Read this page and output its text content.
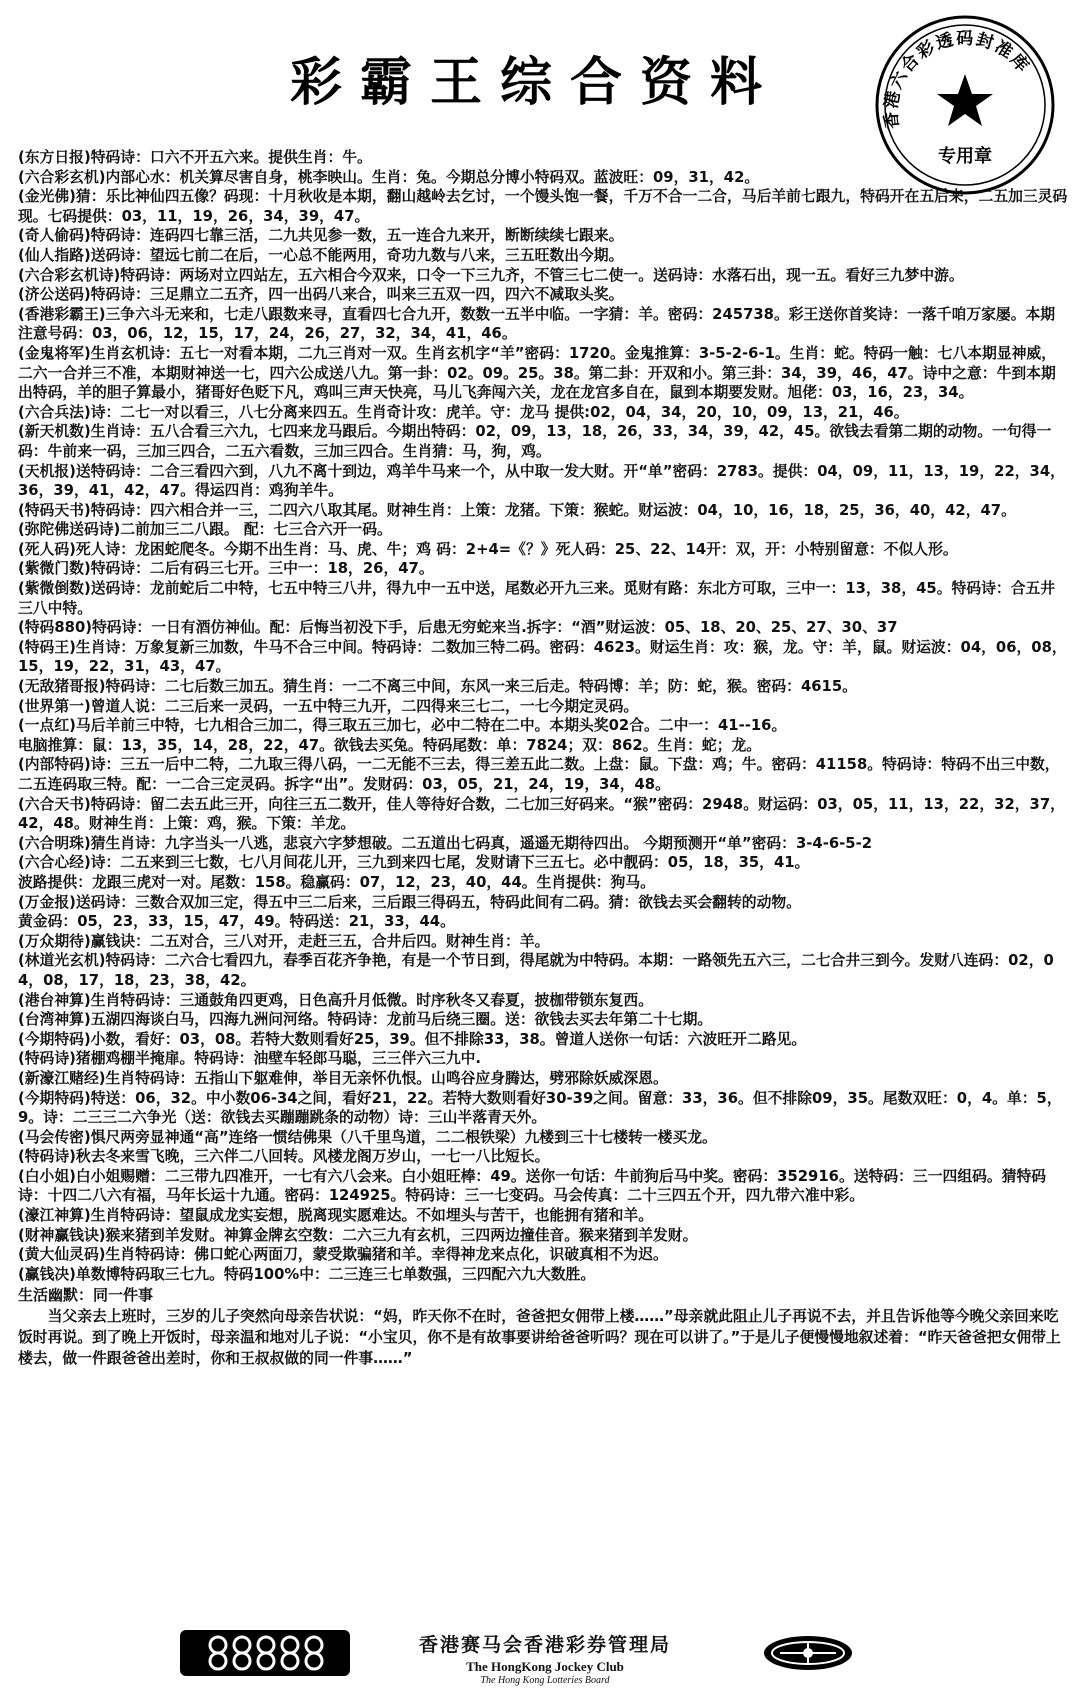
彩霸王综合资料
香港六合彩透码封准库
专用章

(东方日报)特码诗：口六不开五六来。提供生肖：牛。

(六合彩玄机)内部心水：机关算尽害自身，桃李映山。生肖：兔。今期总分博小特码双。蓝波旺：09，31，42。

(金光佛)猜：乐比神仙四五像？码现：十月秋收是本期，翻山越岭去乞讨，一个馒头饱一餐，千万不合一二合，马后羊前七跟九，特码开在五后来，二五加三灵码现。七码提供：03，11，19，26，34，39，47。

(奇人偷码)特码诗：连码四七靠三活，二九共见参一数，五一连合九来开，断断续续七跟来。

(仙人指路)送码诗：望远七前二在后，一心总不能两用，奇功九数与八来，三五旺数出今期。

(六合彩玄机诗)特码诗：两场对立四站左，五六相合今双来，口令一下三九齐，不管三七二使一。送码诗：水落石出，现一五。看好三九梦中游。

(济公送码)特码诗：三足鼎立二五齐，四一出码八来合，叫来三五双一四，四六不减取头奖。

(香港彩霸王)三争六斗无来和，七走八跟数来寻，直看四七合九开，数数一五半中临。一字猜：羊。密码：245738。彩王送你首奖诗：一落千咱万家屡。本期注意号码：03，06，12，15，17，24，26，27，32，34，41，46。

(金鬼将军)生肖玄机诗：五七一对看本期，二九三肖对一双。生肖玄机字“羊”密码：1720。金鬼推算：3-5-2-6-1。生肖：蛇。特码一触：七八本期显神威，二六一合并三不准，本期财神送一七，四六公成送八九。第一卦：02。09。25。38。第二卦：开双和小。第三卦：34，39，46，47。诗中之意：牛到本期出特码，羊的胆子算最小，猪哥好色贬下凡，鸡叫三声天快亮，马儿飞奔闯六关，龙在龙宫多自在，鼠到本期要发财。旭佬：03，16，23，34。

(六合兵法)诗：二七一对以看三，八七分离来四五。生肖奇计攻：虎羊。守：龙马 提供:02，04，34，20，10，09，13，21，46。

(新天机数)生肖诗：五八合看三六九，七四来龙马跟后。今期出特码：02，09，13，18，26，33，34，39，42，45。欲钱去看第二期的动物。一句得一码：牛前来一码，三加三四合，二五六看数，三加三四合。生肖猜：马，狗，鸡。

(天机报)送特码诗：二合三看四六到，八九不离十到边，鸡羊牛马来一个，从中取一发大财。开“单”密码：2783。提供：04，09，11，13，19，22，34，36，39，41，42，47。得运四肖：鸡狗羊牛。

(特码天书)特码诗：四六相合并一三，二四六八取其尾。财神生肖：上策：龙猪。下策：猴蛇。财运波：04，10，16，18，25，36，40，42，47。

(弥陀佛送码诗)二前加三二八跟。 配：七三合六开一码。

(死人码)死人诗：龙困蛇爬冬。今期不出生肖：马、虎、牛；鸡 码：2+4=《？》死人码：25、22、14开：双，开：小特别留意：不似人形。

(紫微门数)特码诗：二后有码三七开。三中一：18，26，47。

(紫微倒数)送码诗：龙前蛇后二中特，七五中特三八井，得九中一五中送，尾数必开九三来。觅财有路：东北方可取，三中一：13，38，45。特码诗：合五井三八中特。

(特码880)特码诗：一日有酒仿神仙。配：后悔当初没下手，后患无穷蛇来当.拆字：“酒”财运波：05、18、20、25、27、30、37

(特码王)生肖诗：万象复新三加数，牛马不合三中间。特码诗：二数加三特二码。密码：4623。财运生肖：攻：猴，龙。守：羊，鼠。财运波：04，06，08，15，19，22，31，43，47。

(无敌猪哥报)特码诗：二七后数三加五。猜生肖：一二不离三中间，东风一来三后走。特码博：羊；防：蛇，猴。密码：4615。

(世界第一)曾道人说：二三后来一灵码，一五中特三九开，二四得来三七二，一七今期定灵码。

(一点红)马后羊前三中特，七九相合三加二，得三取五三加七，必中二特在二中。本期头奖02合。二中一：41--16。

电脑推算：鼠：13，35，14，28，22，47。欲钱去买兔。特码尾数：单：7824；双：862。生肖：蛇；龙。

(内部特码)诗：三五一后中二特，二九取三得八码，一二无能不三去，得三差五此二数。上盘：鼠。下盘：鸡；牛。密码：41158。特码诗：特码不出三中数，二五连码取三特。配：一二合三定灵码。拆字“出”。发财码：03，05，21，24，19，34，48。

(六合天书)特码诗：留二去五此三开，向往三五二数开，佳人等待好合数，二七加三好码来。“猴”密码：2948。财运码：03，05，11，13，22，32，37，42，48。财神生肖：上策：鸡，猴。下策：羊龙。

(六合明珠)猜生肖诗：九字当头一八逃，悲哀六字梦想破。二五道出七码真，遥遥无期待四出。 今期预测开“单”密码：3-4-6-5-2

(六合心经)诗：二五来到三七数，七八月间花儿开，三九到来四七尾，发财请下三五七。必中靓码：05，18，35，41。

波路提供：龙跟三虎对一对。尾数：158。稳赢码：07，12，23，40，44。生肖提供：狗马。

(万金报)送码诗：三数合双加三定，得五中三二后来，三后跟三得码五，特码此间有二码。猜：欲钱去买会翻转的动物。

黄金码：05，23，33，15，47，49。特码送：21，33，44。

(万众期待)赢钱诀：二五对合，三八对开，走赶三五，合井后四。财神生肖：羊。

(林道光玄机)特码诗：二六合七看四九，春季百花齐争艳，有是一个节日到，得尾就为中特码。本期：一路领先五六三，二七合井三到今。发财八连码：02，04，08，17，18，23，38，42。

(港台神算)生肖特码诗：三通鼓角四更鸡，日色高升月低微。时序秋冬又春夏，披枷带锁东复西。

(台湾神算)五湖四海谈白马，四海九洲问河络。特码诗：龙前马后绕三圈。送：欲钱去买去年第二十七期。

(今期特码)小数，看好：03，08。若特大数则看好25，39。但不排除33，38。曾道人送你一句话：六波旺开二路见。

(特码诗)猪棚鸡棚半掩扉。特码诗：油壁车轻郎马聪，三三伴六三九中.

(新濠江赌经)生肖特码诗：五指山下躯难伸，举目无亲怀仇恨。山鸣谷应身腾达，劈邪除妖威深恩。

(今期特码)特送：06，32。中小数06-34之间，看好21，22。若特大数则看好30-39之间。留意：33，36。但不排除09，35。尾数双旺：0，4。单：5，9。诗：二三三二六争光（送：欲钱去买蹦蹦跳条的动物）诗：三山半落青天外。

(马会传密)惧尺两旁显神通“高”连络一惯结佛果（八千里鸟道，二二根铁梁）九楼到三十七楼转一楼买龙。

(特码诗)秋去冬来雪飞晚，三六伴二八回转。风楼龙阁万岁山，一七一八比短长。

(白小姐)白小姐赐赠：二三带九四准开，一七有六八会来。白小姐旺棒：49。送你一句话：牛前狗后马中奖。密码：352916。送特码：三一四组码。猜特码诗：十四二八六有福，马年长运十九通。密码：124925。特码诗：三一七变码。马会传真：二十三四五个开，四九带六准中彩。

(濠江神算)生肖特码诗：望鼠成龙实妄想，脱离现实愿难达。不如埋头与苦干，也能拥有猪和羊。

(财神赢钱诀)猴来猪到羊发财。神算金牌玄空数：二六三九有玄机，三四两边撞佳音。猴来猪到羊发财。

(黄大仙灵码)生肖特码诗：佛口蛇心两面刀，蒙受欺骗猪和羊。幸得神龙来点化，识破真相不为迟。

(赢钱决)单数博特码取三七九。特码100%中：二三连三七单数强，三四配六九大数胜。

生活幽默：同一件事
当父亲去上班时，三岁的儿子突然向母亲告状说：“妈，昨天你不在时，爸爸把女佣带上楼……”母亲就此阻止儿子再说不去，并且告诉他等今晚父亲回来吃饭时再说。到了晚上开饭时，母亲温和地对儿子说：“小宝贝，你不是有故事要讲给爸爸听吗？现在可以讲了。”于是儿子便慢慢地叙述着：“昨天爸爸把女佣带上楼去，做一件跟爸爸出差时，你和王叔叔做的同一件事……”
香港赛马会香港彩券管理局
The HongKong Jockey Club
The Hong Kong Lotteries Board
